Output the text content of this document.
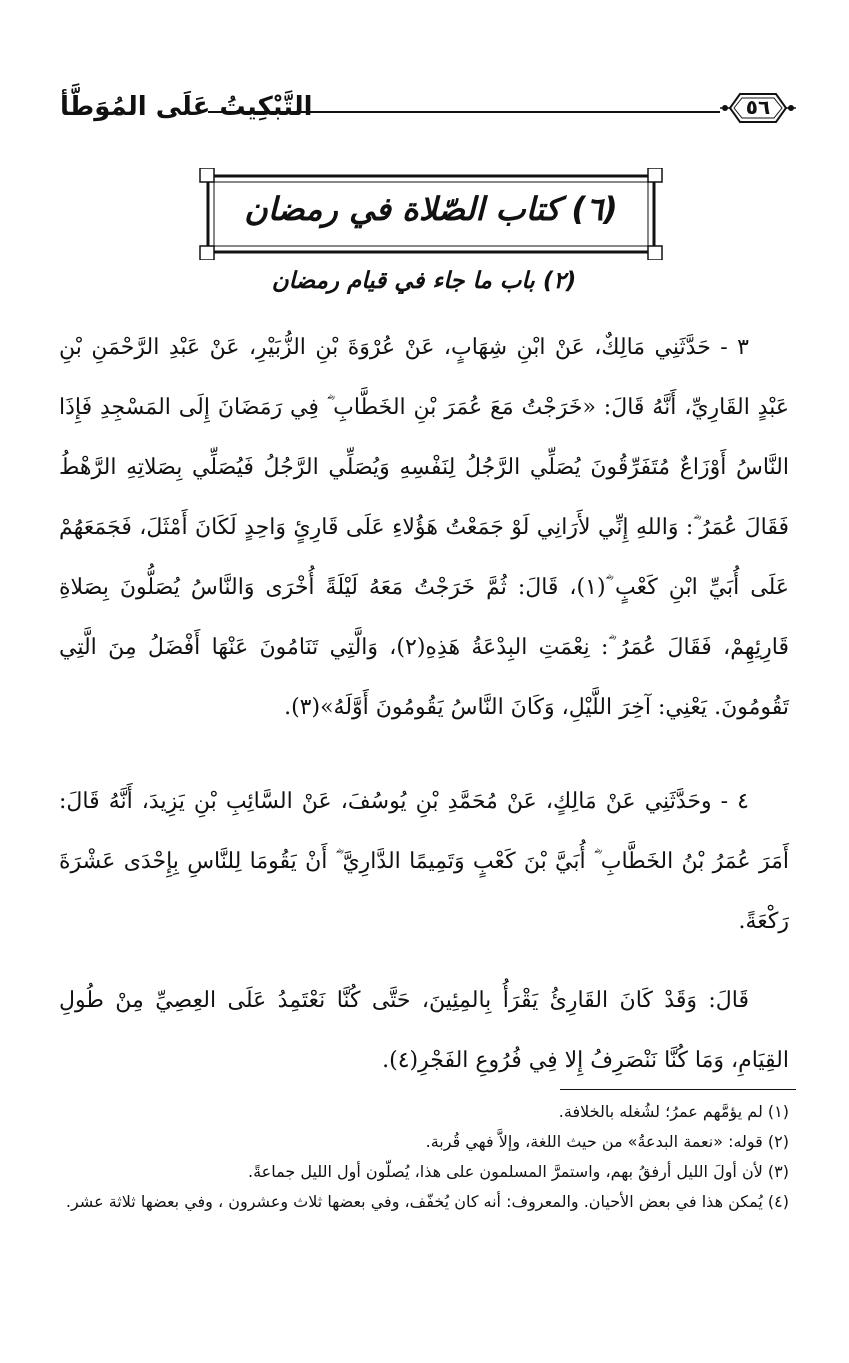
التَّبْكِيتُ عَلَى المُوَطَّأ	٥٦
(٦) كتاب الصّلاة في رمضان
(٢) باب ما جاء في قيام رمضان

٣ - حَدَّثَنِي مَالِكٌ، عَنْ ابْنِ شِهَابٍ، عَنْ عُرْوَةَ بْنِ الزُّبَيْرِ، عَنْ عَبْدِ الرَّحْمَنِ بْنِ عَبْدٍ القَارِيِّ، أَنَّهُ قَالَ: «خَرَجْتُ مَعَ عُمَرَ بْنِ الخَطَّابِ ؓ فِي رَمَضَانَ إِلَى المَسْجِدِ فَإِذَا النَّاسُ أَوْزَاعٌ مُتَفَرِّقُونَ يُصَلِّي الرَّجُلُ لِنَفْسِهِ وَيُصَلِّي الرَّجُلُ فَيُصَلِّي بِصَلاتِهِ الرَّهْطُ فَقَالَ عُمَرُ ؓ: وَاللهِ إِنِّي لأَرَانِي لَوْ جَمَعْتُ هَؤُلاءِ عَلَى قَارِئٍ وَاحِدٍ لَكَانَ أَمْثَلَ، فَجَمَعَهُمْ عَلَى أُبَيِّ ابْنِ كَعْبٍ ؓ(١)، قَالَ: ثُمَّ خَرَجْتُ مَعَهُ لَيْلَةً أُخْرَى وَالنَّاسُ يُصَلُّونَ بِصَلاةِ قَارِئِهِمْ، فَقَالَ عُمَرُ ؓ: نِعْمَتِ البِدْعَةُ هَذِهِ(٢)، وَالَّتِي تَنَامُونَ عَنْهَا أَفْضَلُ مِنَ الَّتِي تَقُومُونَ. يَعْنِي: آخِرَ اللَّيْلِ، وَكَانَ النَّاسُ يَقُومُونَ أَوَّلَهُ»(٣).

٤ - وحَدَّثَنِي عَنْ مَالِكٍ، عَنْ مُحَمَّدِ بْنِ يُوسُفَ، عَنْ السَّائِبِ بْنِ يَزِيدَ، أَنَّهُ قَالَ: أَمَرَ عُمَرُ بْنُ الخَطَّابِ ؓ أُبَيَّ بْنَ كَعْبٍ وَتَمِيمًا الدَّارِيَّ ؓ أَنْ يَقُومَا لِلنَّاسِ بِإِحْدَى عَشْرَةَ رَكْعَةً.

قَالَ: وَقَدْ كَانَ القَارِئُ يَقْرَأُ بِالمِئِينَ، حَتَّى كُنَّا نَعْتَمِدُ عَلَى العِصِيِّ مِنْ طُولِ القِيَامِ، وَمَا كُنَّا نَنْصَرِفُ إِلا فِي فُرُوعِ الفَجْرِ(٤).

(١) لم يؤمَّهم عمرُ؛ لشُغله بالخلافة.

(٢) قوله: «نعمة البدعةُ» من حيث اللغة، وإلاَّ فهي قُربة.

(٣) لأن أولَ الليل أرفقُ بهم، واستمرَّ المسلمون على هذا، يُصلّون أول الليل جماعةً.

(٤) يُمكن هذا في بعض الأحيان. والمعروف: أنه كان يُخفّف، وفي بعضها ثلاث وعشرون ، وفي بعضها ثلاثة عشر.
